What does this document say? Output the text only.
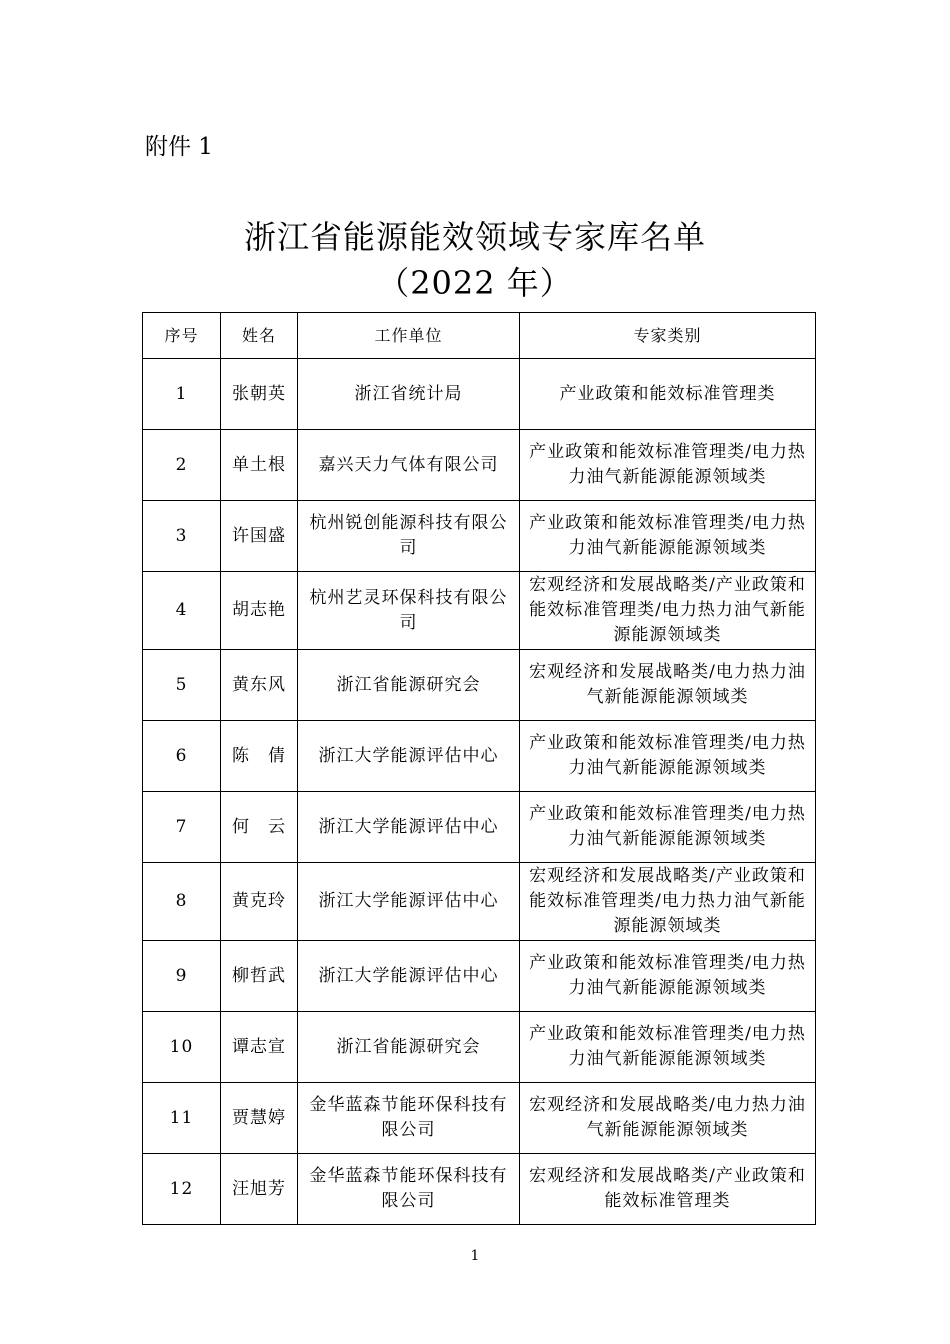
附件 1
浙江省能源能效领域专家库名单
（2022 年）
序号	姓名	工作单位	专家类别
1	张朝英	浙江省统计局	产业政策和能效标准管理类
2	单土根	嘉兴天力气体有限公司	产业政策和能效标准管理类/电力热力油气新能源能源领域类
3	许国盛	杭州锐创能源科技有限公司	产业政策和能效标准管理类/电力热力油气新能源能源领域类
4	胡志艳	杭州艺灵环保科技有限公司	宏观经济和发展战略类/产业政策和能效标准管理类/电力热力油气新能源能源领域类
5	黄东风	浙江省能源研究会	宏观经济和发展战略类/电力热力油气新能源能源领域类
6	陈　倩	浙江大学能源评估中心	产业政策和能效标准管理类/电力热力油气新能源能源领域类
7	何　云	浙江大学能源评估中心	产业政策和能效标准管理类/电力热力油气新能源能源领域类
8	黄克玲	浙江大学能源评估中心	宏观经济和发展战略类/产业政策和能效标准管理类/电力热力油气新能源能源领域类
9	柳哲武	浙江大学能源评估中心	产业政策和能效标准管理类/电力热力油气新能源能源领域类
10	谭志宣	浙江省能源研究会	产业政策和能效标准管理类/电力热力油气新能源能源领域类
11	贾慧婷	金华蓝森节能环保科技有限公司	宏观经济和发展战略类/电力热力油气新能源能源领域类
12	汪旭芳	金华蓝森节能环保科技有限公司	宏观经济和发展战略类/产业政策和能效标准管理类
1
